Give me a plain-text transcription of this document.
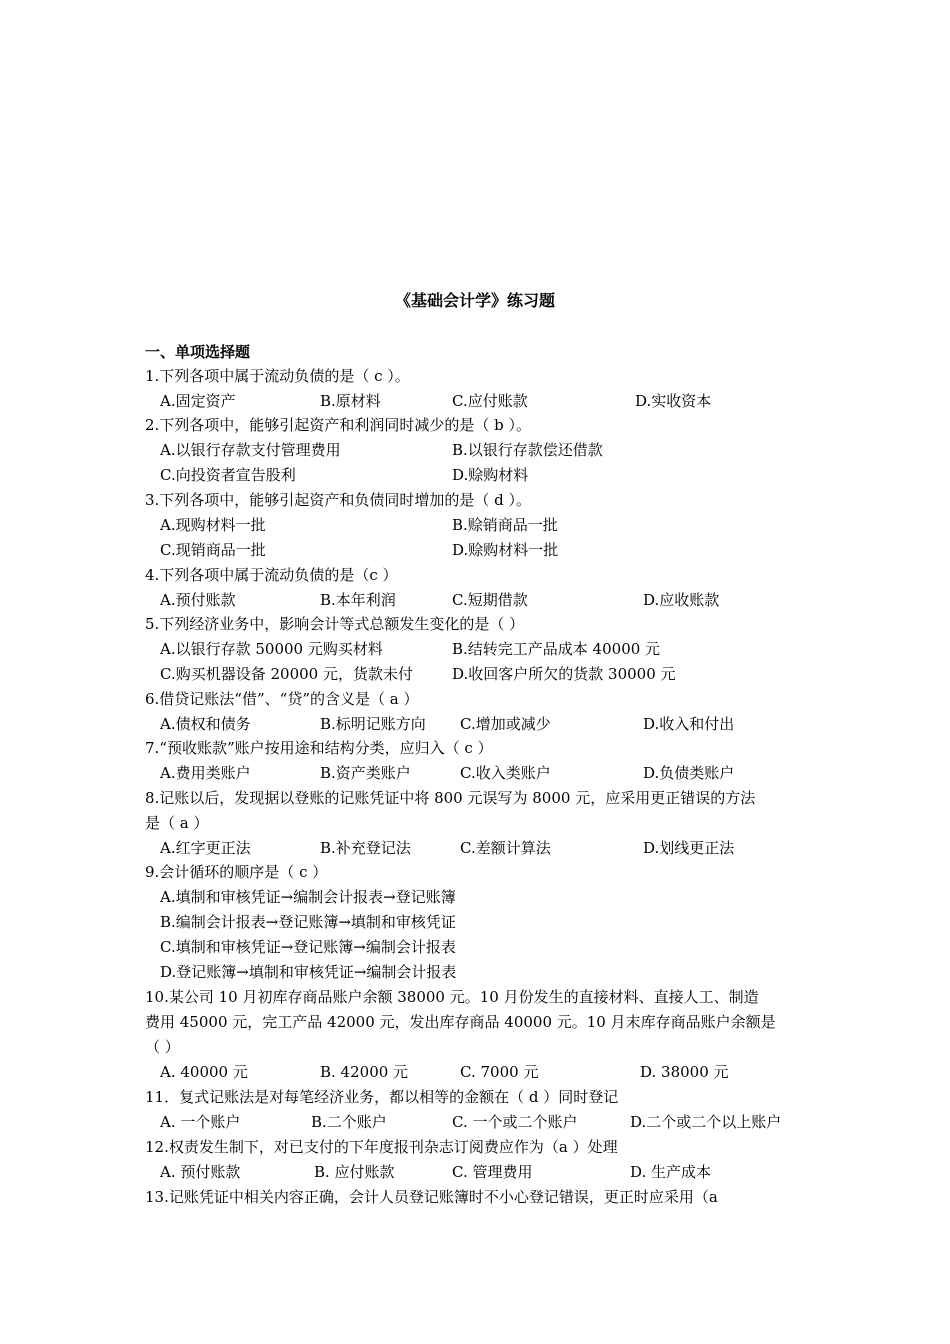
《基础会计学》练习题
一、单项选择题
1.下列各项中属于流动负债的是（ c ）。
A.固定资产	B.原材料	C.应付账款	D.实收资本
2.下列各项中，能够引起资产和利润同时减少的是（ b ）。
A.以银行存款支付管理费用	B.以银行存款偿还借款
C.向投资者宣告股利	D.赊购材料
3.下列各项中，能够引起资产和负债同时增加的是（ d ）。
A.现购材料一批	B.赊销商品一批
C.现销商品一批	D.赊购材料一批
4.下列各项中属于流动负债的是（c ）
A.预付账款	B.本年利润	C.短期借款	D.应收账款
5.下列经济业务中，影响会计等式总额发生变化的是（ ）
A.以银行存款 50000 元购买材料	B.结转完工产品成本 40000 元
C.购买机器设备 20000 元，货款未付	D.收回客户所欠的货款 30000 元
6.借贷记账法“借”、“贷”的含义是（ a ）
A.债权和债务	B.标明记账方向 C.增加或减少	D.收入和付出
7.“预收账款”账户按用途和结构分类，应归入（ c ）
A.费用类账户	B.资产类账户	C.收入类账户	D.负债类账户
8.记账以后，发现据以登账的记账凭证中将 800 元误写为 8000 元，应采用更正错误的方法
是（ a ）
A.红字更正法	B.补充登记法	C.差额计算法	D.划线更正法
9.会计循环的顺序是（ c ）
A.填制和审核凭证→编制会计报表→登记账簿
B.编制会计报表→登记账簿→填制和审核凭证
C.填制和审核凭证→登记账簿→编制会计报表
D.登记账簿→填制和审核凭证→编制会计报表
10.某公司 10 月初库存商品账户余额 38000 元。10 月份发生的直接材料、直接人工、制造
费用 45000 元，完工产品 42000 元，发出库存商品 40000 元。10 月末库存商品账户余额是
（ ）
A. 40000 元	B. 42000 元	C. 7000 元	D. 38000 元
11．复式记账法是对每笔经济业务，都以相等的金额在（ d ）同时登记
A. 一个账户	B.二个账户	C. 一个或二个账户	D.二个或二个以上账户
12.权责发生制下，对已支付的下年度报刊杂志订阅费应作为（a ）处理
A. 预付账款	B. 应付账款	C. 管理费用	D. 生产成本
13.记账凭证中相关内容正确，会计人员登记账簿时不小心登记错误，更正时应采用（a
